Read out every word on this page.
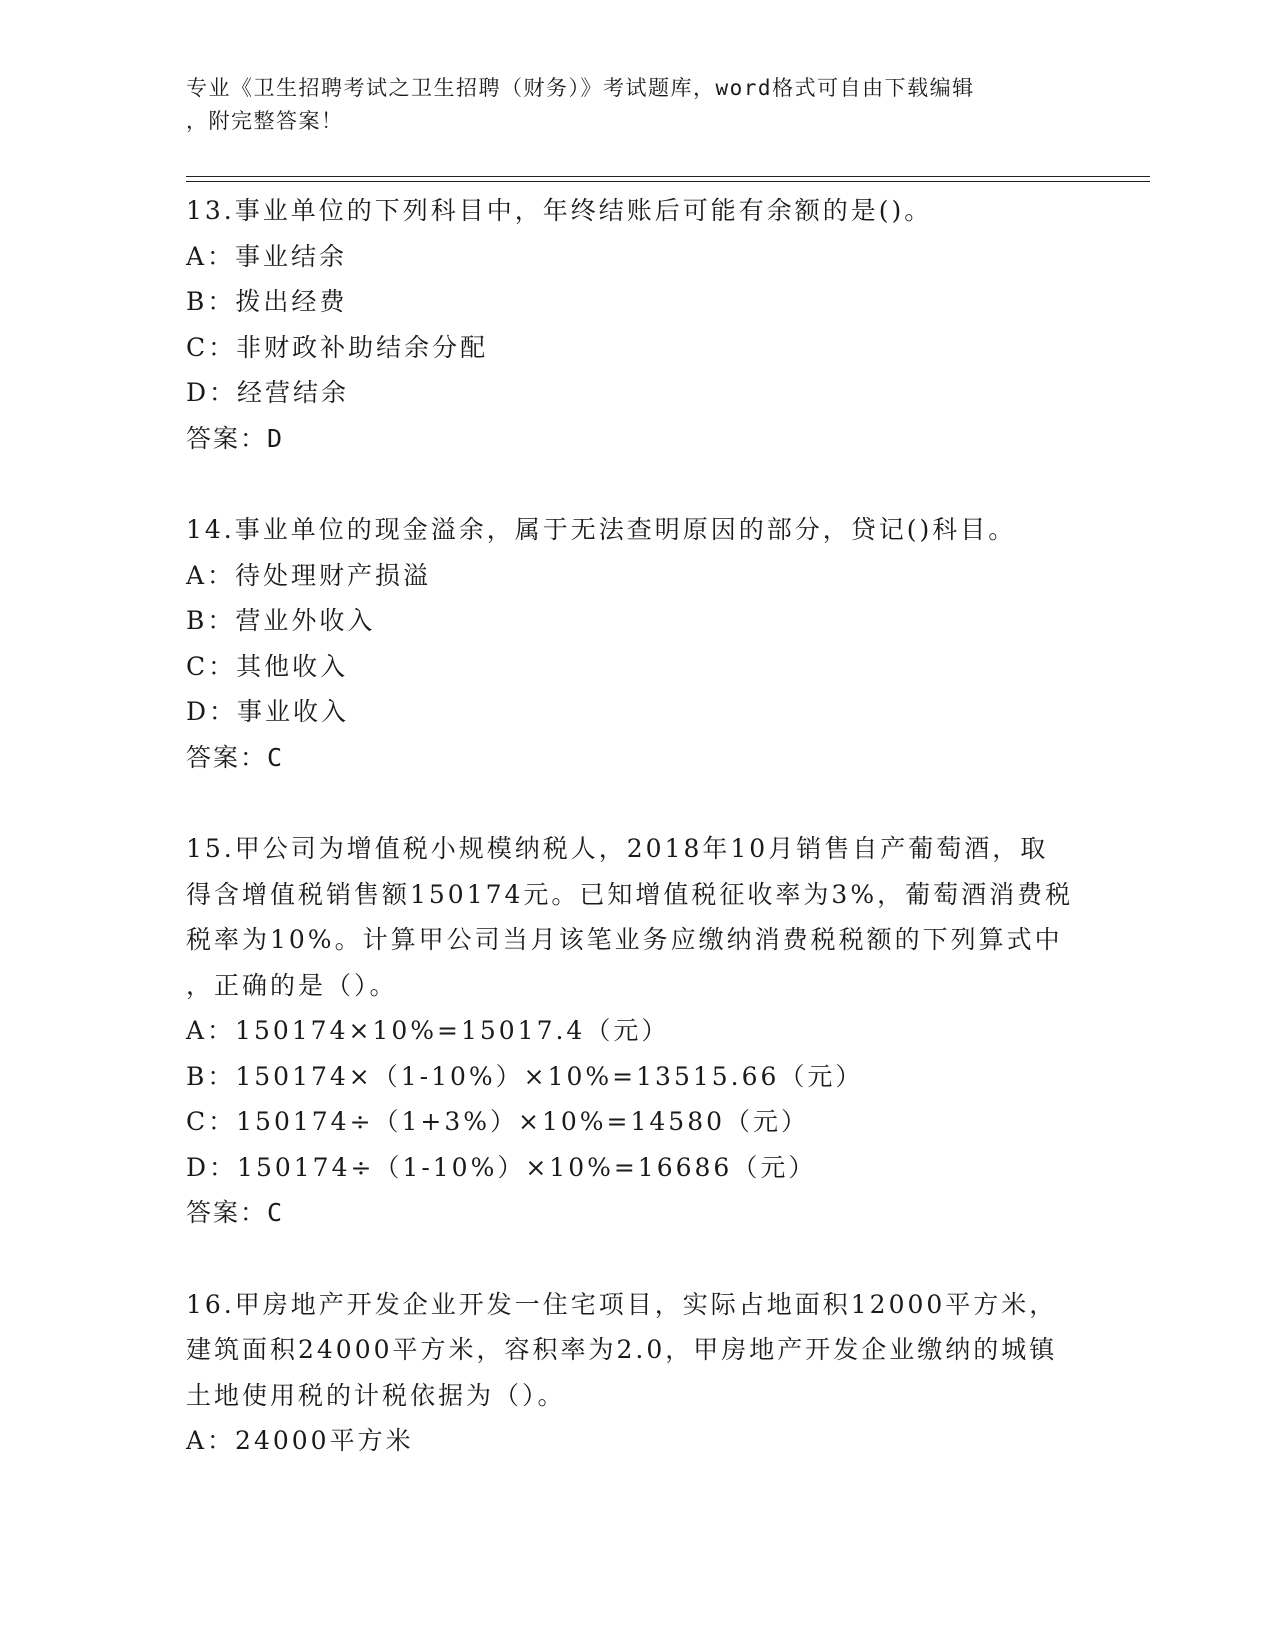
专业《卫生招聘考试之卫生招聘（财务）》考试题库，word格式可自由下载编辑
，附完整答案！
13.事业单位的下列科目中，年终结账后可能有余额的是()。
A：事业结余
B：拨出经费
C：非财政补助结余分配
D：经营结余
答案：D
14.事业单位的现金溢余，属于无法查明原因的部分，贷记()科目。
A：待处理财产损溢
B：营业外收入
C：其他收入
D：事业收入
答案：C
15.甲公司为增值税小规模纳税人，2018年10月销售自产葡萄酒，取
得含增值税销售额150174元。已知增值税征收率为3%，葡萄酒消费税
税率为10%。计算甲公司当月该笔业务应缴纳消费税税额的下列算式中
，正确的是（）。
A：150174×10%=15017.4（元）
B：150174×（1-10%）×10%=13515.66（元）
C：150174÷（1+3%）×10%=14580（元）
D：150174÷（1-10%）×10%=16686（元）
答案：C
16.甲房地产开发企业开发一住宅项目，实际占地面积12000平方米，
建筑面积24000平方米，容积率为2.0，甲房地产开发企业缴纳的城镇
土地使用税的计税依据为（）。
A：24000平方米
